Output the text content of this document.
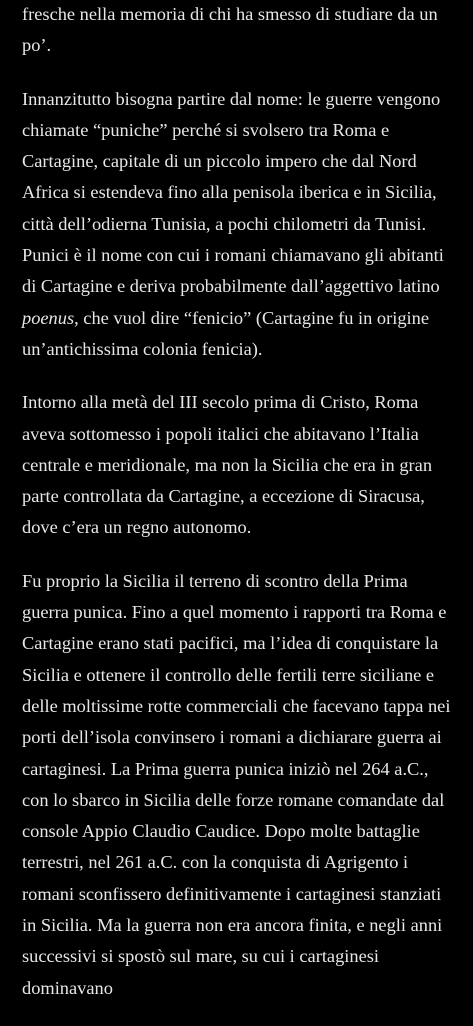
fresche nella memoria di chi ha smesso di studiare da un po’.

Innanzitutto bisogna partire dal nome: le guerre vengono chiamate “puniche” perché si svolsero tra Roma e Cartagine, capitale di un piccolo impero che dal Nord Africa si estendeva fino alla penisola iberica e in Sicilia, città dell’odierna Tunisia, a pochi chilometri da Tunisi. Punici è il nome con cui i romani chiamavano gli abitanti di Cartagine e deriva probabilmente dall’aggettivo latino poenus, che vuol dire “fenicio” (Cartagine fu in origine un’antichissima colonia fenicia).

Intorno alla metà del III secolo prima di Cristo, Roma aveva sottomesso i popoli italici che abitavano l’Italia centrale e meridionale, ma non la Sicilia che era in gran parte controllata da Cartagine, a eccezione di Siracusa, dove c’era un regno autonomo.

Fu proprio la Sicilia il terreno di scontro della Prima guerra punica. Fino a quel momento i rapporti tra Roma e Cartagine erano stati pacifici, ma l’idea di conquistare la Sicilia e ottenere il controllo delle fertili terre siciliane e delle moltissime rotte commerciali che facevano tappa nei porti dell’isola convinsero i romani a dichiarare guerra ai cartaginesi. La Prima guerra punica iniziò nel 264 a.C., con lo sbarco in Sicilia delle forze romane comandate dal console Appio Claudio Caudice. Dopo molte battaglie terrestri, nel 261 a.C. con la conquista di Agrigento i romani sconfissero definitivamente i cartaginesi stanziati in Sicilia. Ma la guerra non era ancora finita, e negli anni successivi si spostò sul mare, su cui i cartaginesi dominavano
